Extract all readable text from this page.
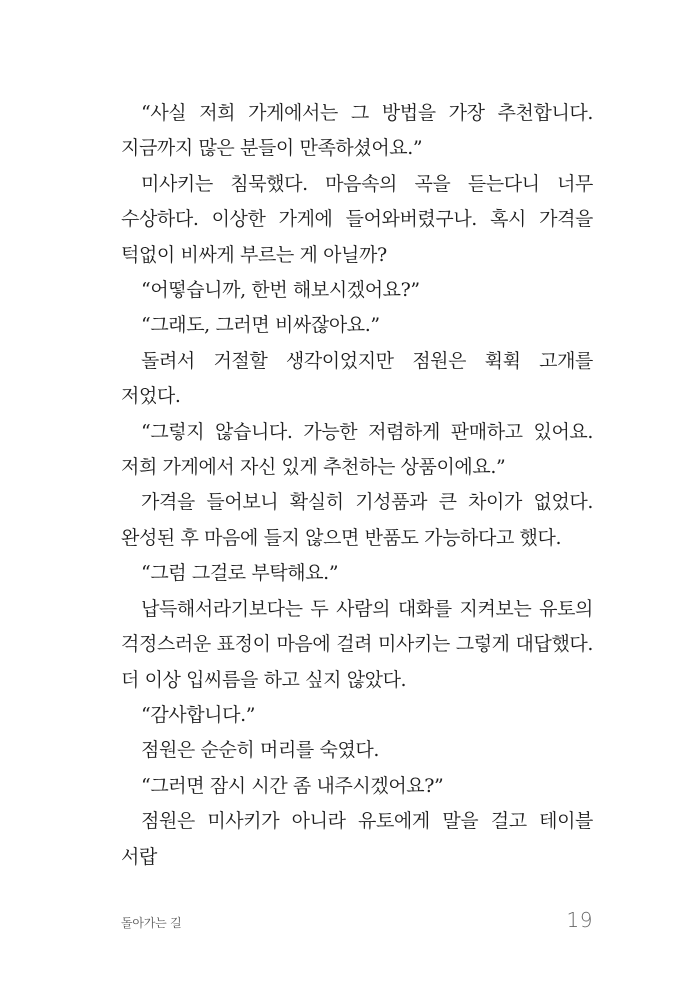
“사실 저희 가게에서는 그 방법을 가장 추천합니다. 지금까지 많은 분들이 만족하셨어요.”

미사키는 침묵했다. 마음속의 곡을 듣는다니 너무 수상하다. 이상한 가게에 들어와버렸구나. 혹시 가격을 턱없이 비싸게 부르는 게 아닐까?

“어떻습니까, 한번 해보시겠어요?”

“그래도, 그러면 비싸잖아요.”

돌려서 거절할 생각이었지만 점원은 휙휙 고개를 저었다.

“그렇지 않습니다. 가능한 저렴하게 판매하고 있어요. 저희 가게에서 자신 있게 추천하는 상품이에요.”

가격을 들어보니 확실히 기성품과 큰 차이가 없었다. 완성된 후 마음에 들지 않으면 반품도 가능하다고 했다.

“그럼 그걸로 부탁해요.”

납득해서라기보다는 두 사람의 대화를 지켜보는 유토의 걱정스러운 표정이 마음에 걸려 미사키는 그렇게 대답했다. 더 이상 입씨름을 하고 싶지 않았다.

“감사합니다.”

점원은 순순히 머리를 숙였다.

“그러면 잠시 시간 좀 내주시겠어요?”

점원은 미사키가 아니라 유토에게 말을 걸고 테이블 서랍

돌아가는 길	19
